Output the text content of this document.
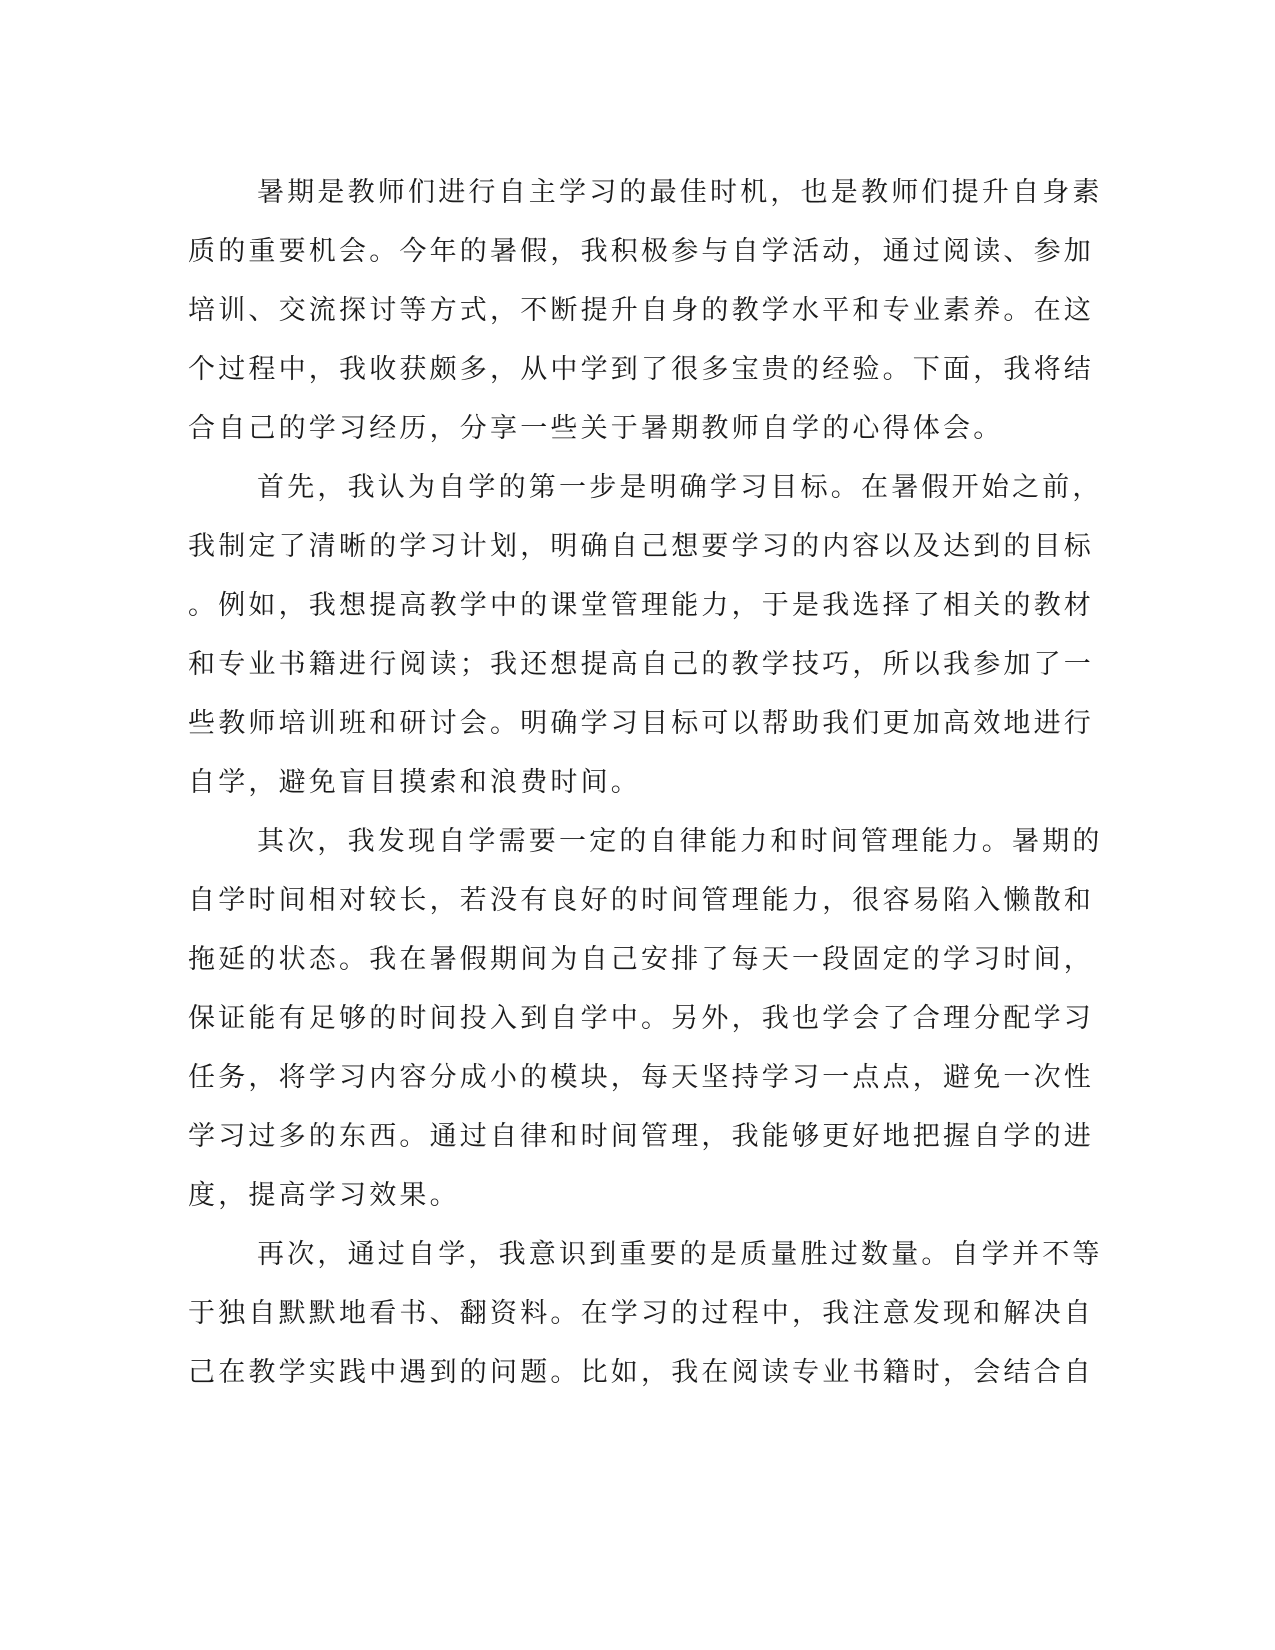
暑期是教师们进行自主学习的最佳时机，也是教师们提升自身素
质的重要机会。今年的暑假，我积极参与自学活动，通过阅读、参加
培训、交流探讨等方式，不断提升自身的教学水平和专业素养。在这
个过程中，我收获颇多，从中学到了很多宝贵的经验。下面，我将结
合自己的学习经历，分享一些关于暑期教师自学的心得体会。
首先，我认为自学的第一步是明确学习目标。在暑假开始之前，
我制定了清晰的学习计划，明确自己想要学习的内容以及达到的目标
。例如，我想提高教学中的课堂管理能力，于是我选择了相关的教材
和专业书籍进行阅读；我还想提高自己的教学技巧，所以我参加了一
些教师培训班和研讨会。明确学习目标可以帮助我们更加高效地进行
自学，避免盲目摸索和浪费时间。
其次，我发现自学需要一定的自律能力和时间管理能力。暑期的
自学时间相对较长，若没有良好的时间管理能力，很容易陷入懒散和
拖延的状态。我在暑假期间为自己安排了每天一段固定的学习时间，
保证能有足够的时间投入到自学中。另外，我也学会了合理分配学习
任务，将学习内容分成小的模块，每天坚持学习一点点，避免一次性
学习过多的东西。通过自律和时间管理，我能够更好地把握自学的进
度，提高学习效果。
再次，通过自学，我意识到重要的是质量胜过数量。自学并不等
于独自默默地看书、翻资料。在学习的过程中，我注意发现和解决自
己在教学实践中遇到的问题。比如，我在阅读专业书籍时，会结合自
